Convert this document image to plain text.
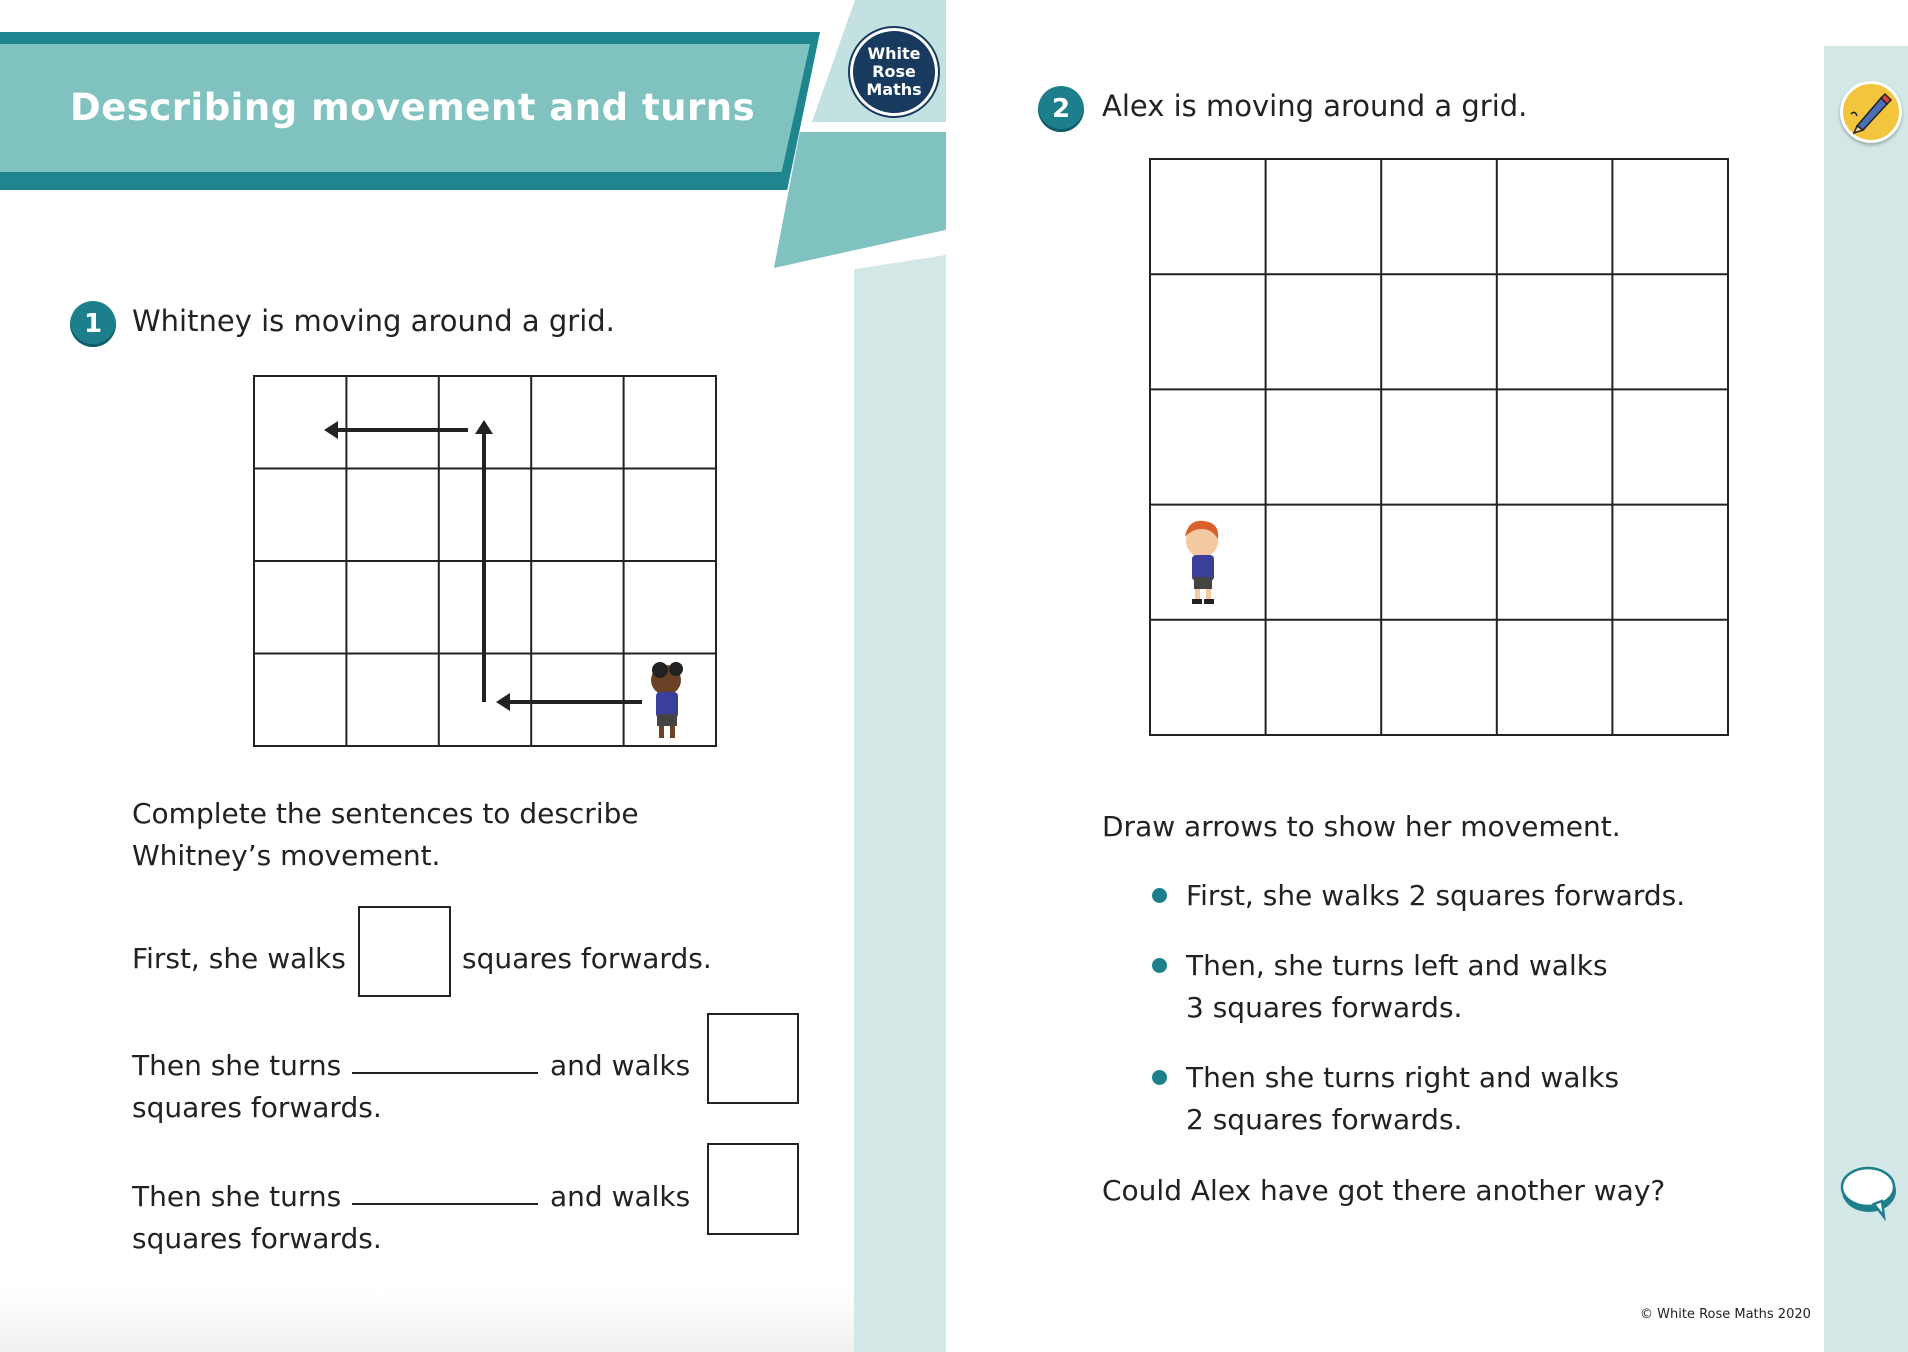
Describing movement and turns
White
Rose
Maths
1	Whitney is moving around a grid.
Complete the sentences to describe
Whitney’s movement.
First, she walks	squares forwards.
Then she turns	and walks
squares forwards.
Then she turns	and walks
squares forwards.
2	Alex is moving around a grid.
Draw arrows to show her movement.
First, she walks 2 squares forwards.
Then, she turns left and walks
3 squares forwards.
Then she turns right and walks
2 squares forwards.
Could Alex have got there another way?
© White Rose Maths 2020
